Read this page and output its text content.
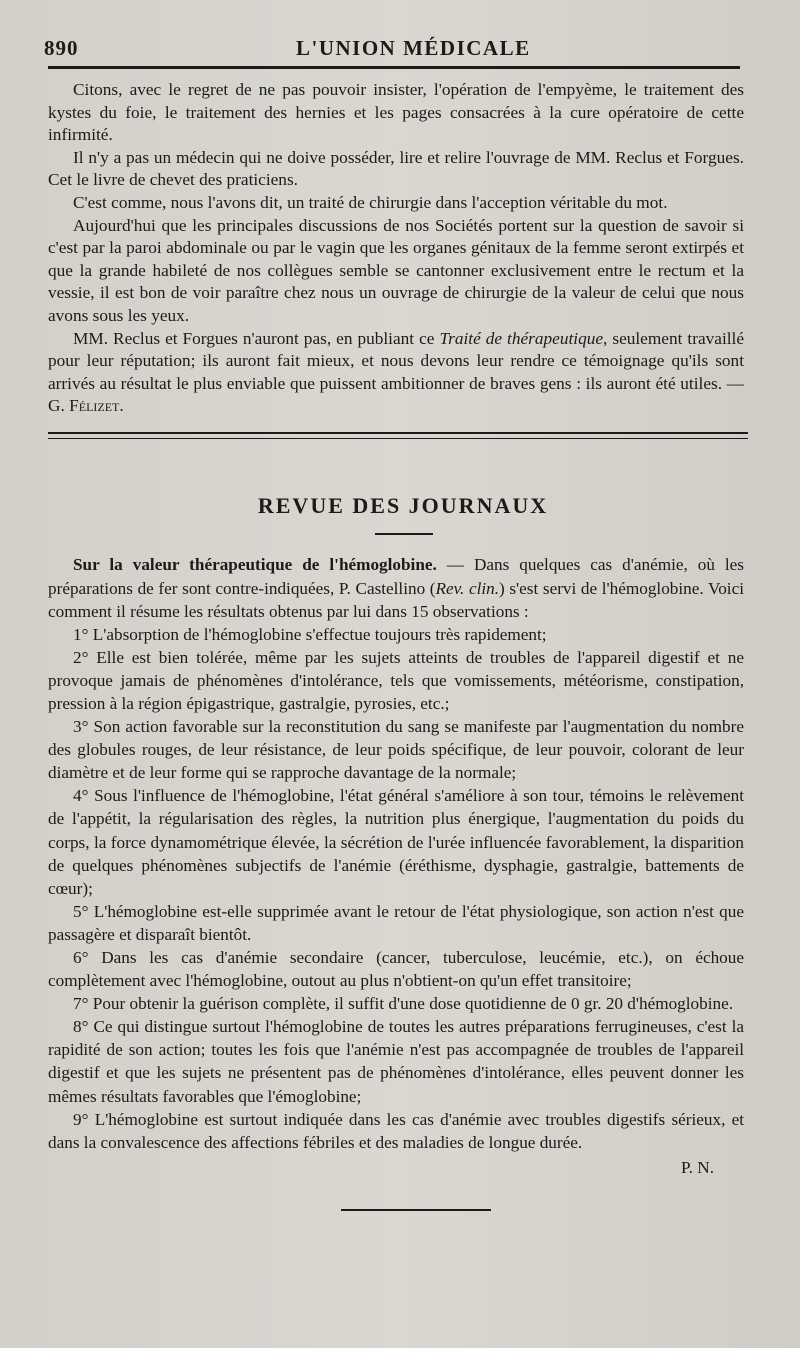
890	L'UNION MÉDICALE

Citons, avec le regret de ne pas pouvoir insister, l'opération de l'empyème, le traitement des kystes du foie, le traitement des hernies et les pages consacrées à la cure opératoire de cette infirmité.

Il n'y a pas un médecin qui ne doive posséder, lire et relire l'ouvrage de MM. Reclus et Forgues. Cet le livre de chevet des praticiens.

C'est comme, nous l'avons dit, un traité de chirurgie dans l'acception véritable du mot.

Aujourd'hui que les principales discussions de nos Sociétés portent sur la question de savoir si c'est par la paroi abdominale ou par le vagin que les organes génitaux de la femme seront extirpés et que la grande habileté de nos collègues semble se cantonner exclusivement entre le rectum et la vessie, il est bon de voir paraître chez nous un ouvrage de chirurgie de la valeur de celui que nous avons sous les yeux.

MM. Reclus et Forgues n'auront pas, en publiant ce Traité de thérapeutique, seulement travaillé pour leur réputation; ils auront fait mieux, et nous devons leur rendre ce témoignage qu'ils sont arrivés au résultat le plus enviable que puissent ambitionner de braves gens : ils auront été utiles. — G. Félizet.

REVUE DES JOURNAUX

Sur la valeur thérapeutique de l'hémoglobine. — Dans quelques cas d'anémie, où les préparations de fer sont contre-indiquées, P. Castellino (Rev. clin.) s'est servi de l'hémoglobine. Voici comment il résume les résultats obtenus par lui dans 15 observations :

1° L'absorption de l'hémoglobine s'effectue toujours très rapidement;

2° Elle est bien tolérée, même par les sujets atteints de troubles de l'appareil digestif et ne provoque jamais de phénomènes d'intolérance, tels que vomissements, météorisme, constipation, pression à la région épigastrique, gastralgie, pyrosies, etc.;

3° Son action favorable sur la reconstitution du sang se manifeste par l'augmentation du nombre des globules rouges, de leur résistance, de leur poids spécifique, de leur pouvoir, colorant de leur diamètre et de leur forme qui se rapproche davantage de la normale;

4° Sous l'influence de l'hémoglobine, l'état général s'améliore à son tour, témoins le relèvement de l'appétit, la régularisation des règles, la nutrition plus énergique, l'augmentation du poids du corps, la force dynamométrique élevée, la sécrétion de l'urée influencée favorablement, la disparition de quelques phénomènes subjectifs de l'anémie (éréthisme, dysphagie, gastralgie, battements de cœur);

5° L'hémoglobine est-elle supprimée avant le retour de l'état physiologique, son action n'est que passagère et disparaît bientôt.

6° Dans les cas d'anémie secondaire (cancer, tuberculose, leucémie, etc.), on échoue complètement avec l'hémoglobine, outout au plus n'obtient-on qu'un effet transitoire;

7° Pour obtenir la guérison complète, il suffit d'une dose quotidienne de 0 gr. 20 d'hémoglobine.

8° Ce qui distingue surtout l'hémoglobine de toutes les autres préparations ferrugineuses, c'est la rapidité de son action; toutes les fois que l'anémie n'est pas accompagnée de troubles de l'appareil digestif et que les sujets ne présentent pas de phénomènes d'intolérance, elles peuvent donner les mêmes résultats favorables que l'émoglobine;

9° L'hémoglobine est surtout indiquée dans les cas d'anémie avec troubles digestifs sérieux, et dans la convalescence des affections fébriles et des maladies de longue durée.

P. N.
